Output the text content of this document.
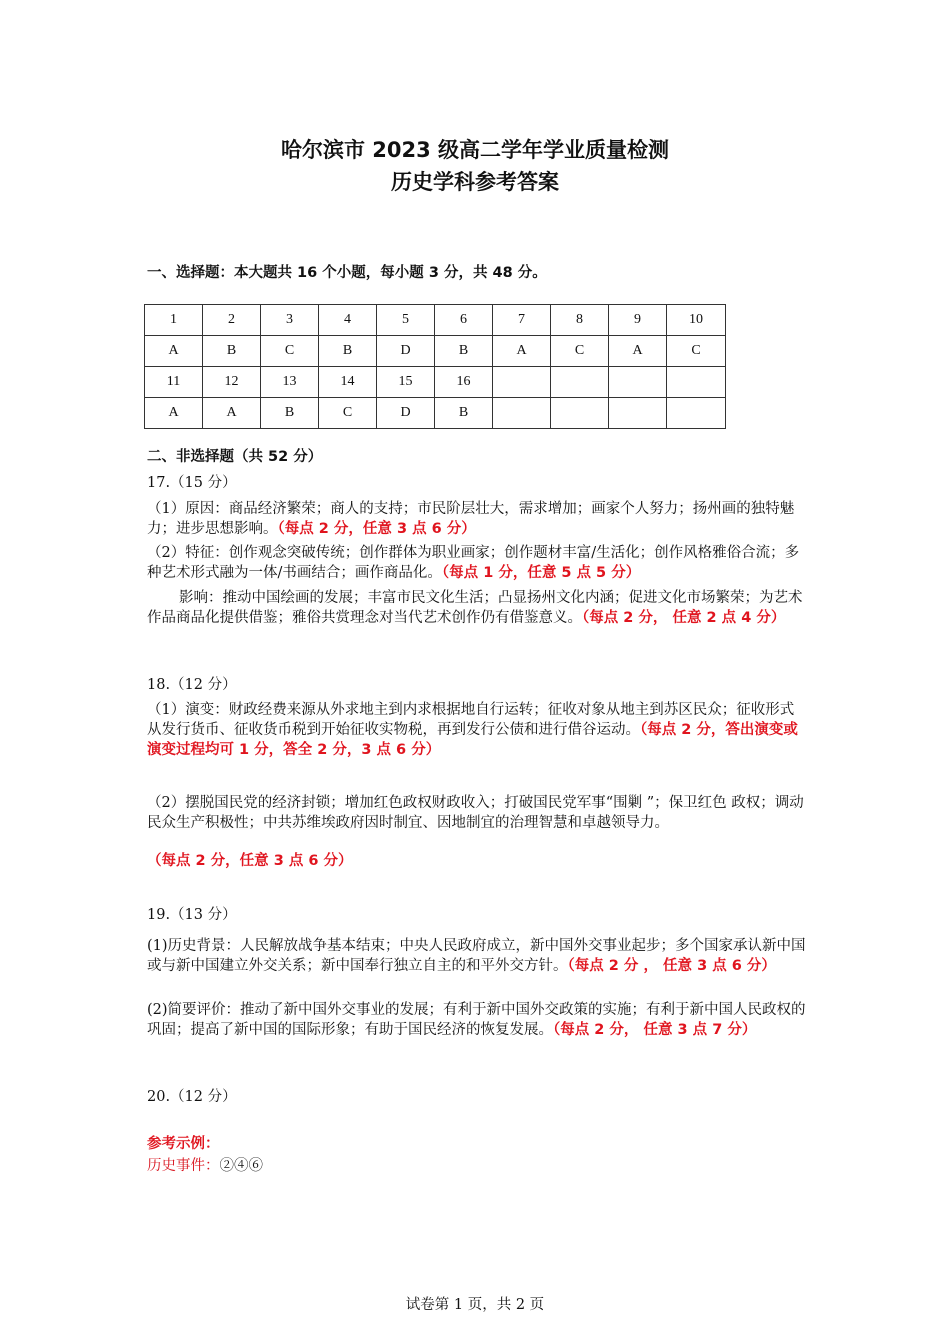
哈尔滨市 2023 级高二学年学业质量检测
历史学科参考答案
一、选择题：本大题共 16 个小题，每小题 3 分，共 48 分。
1	2	3	4	5	6	7	8	9	10
A	B	C	B	D	B	A	C	A	C
11	12	13	14	15	16				
A	A	B	C	D	B				
二、非选择题（共 52 分）
17.（15 分）
（1）原因：商品经济繁荣；商人的支持；市民阶层壮大，需求增加；画家个人努力；扬州画的独特魅力；进步思想影响。（每点 2 分，任意 3 点 6 分）
（2）特征：创作观念突破传统；创作群体为职业画家；创作题材丰富/生活化；创作风格雅俗合流；多种艺术形式融为一体/书画结合；画作商品化。（每点 1 分，任意 5 点 5 分）
影响：推动中国绘画的发展；丰富市民文化生活；凸显扬州文化内涵；促进文化市场繁荣；为艺术作品商品化提供借鉴；雅俗共赏理念对当代艺术创作仍有借鉴意义。（每点 2 分， 任意 2 点 4 分）
18.（12 分）
（1）演变：财政经费来源从外求地主到内求根据地自行运转；征收对象从地主到苏区民众；征收形式从发行货币、征收货币税到开始征收实物税，再到发行公债和进行借谷运动。（每点 2 分，答出演变或演变过程均可 1 分，答全 2 分，3 点 6 分）
（2）摆脱国民党的经济封锁；增加红色政权财政收入；打破国民党军事“围剿 ”；保卫红色 政权；调动民众生产积极性；中共苏维埃政府因时制宜、因地制宜的治理智慧和卓越领导力。
（每点 2 分，任意 3 点 6 分）
19.（13 分）
(1)历史背景：人民解放战争基本结束；中央人民政府成立，新中国外交事业起步；多个国家承认新中国或与新中国建立外交关系；新中国奉行独立自主的和平外交方针。（每点 2 分 ， 任意 3 点 6 分）
(2)简要评价：推动了新中国外交事业的发展；有利于新中国外交政策的实施；有利于新中国人民政权的巩固；提高了新中国的国际形象；有助于国民经济的恢复发展。（每点 2 分， 任意 3 点 7 分）
20.（12 分）
参考示例：
历史事件：②④⑥
试卷第 1 页，共 2 页
